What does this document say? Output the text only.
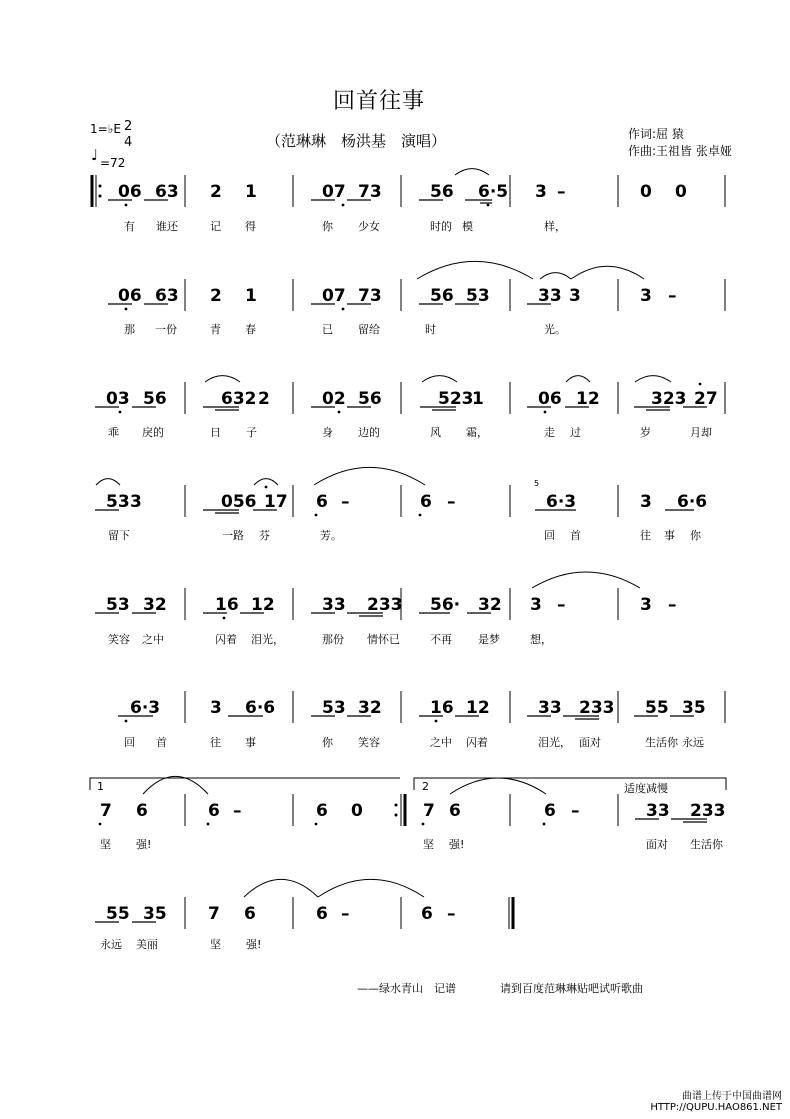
回首往事
（范琳琳　杨洪基　演唱）	作词:屈 猿
作曲:王祖皆 张卓娅
1=♭E 2
4
♩ =72
1	2	适度减慢
5
06 63 2 1	07 73	56 6·5 3 –	0 0
有 谁还	记 得	你 少女	时的 模	样，
06 63 2 1	07 73	56 53	33 3	3 –
那 一份	青 春	已 留给	时	光。
03 56	632 2	02 56	523
1	06 12	323 27
乖 戾的	日 子	身 边的	风 霜，	走 过	岁	月却
53 3	056 17 6 –	6 –	6·3	3 6·6
留下	一路 芬	芳。	回 首	往 事 你
53 32	16 12	33 233 56· 32 3 –	3 –
笑容 之中	闪着 泪光，	那份 情怀已	不再 是梦	想，
6·3	3 6·6	53 32	16 12	33 233 55 35
回 首	往 事	你 笑容	之中 闪着	泪光， 面对	生活你 永远
7 6	6 –	6 0	7 6	6 –	33 233
坚 强!	坚 强!	面对 生活你
55 35 7 6	6 –	6 –
永远 美丽	坚 强!
——绿水青山　记谱	请到百度范琳琳贴吧试听歌曲
曲谱上传于中国曲谱网
HTTP://QUPU.HAO861.NET
